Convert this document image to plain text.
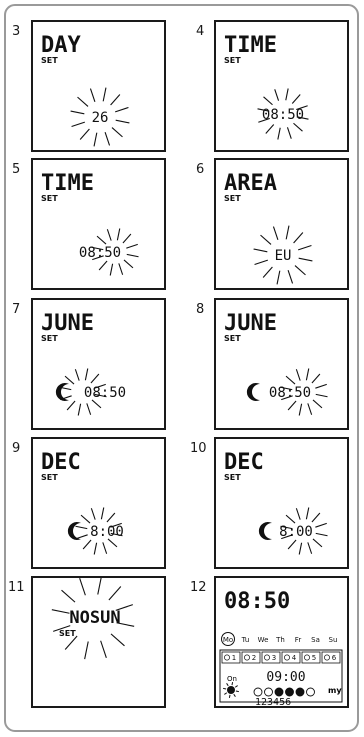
3	4
5	6
7	8
9	10
11	12
DAY
SET
26
TIME
SET
08:50
TIME
SET
08:50
AREA
SET
EU
JUNE
SET
08:50
JUNE
SET
08:50
DEC
SET
8:00
DEC
SET
8:00
NOSUN
SET
08:50
Mo Tu We Th Fr Sa Su
1 2 3 4 5 6
09:00
On
my
123456
